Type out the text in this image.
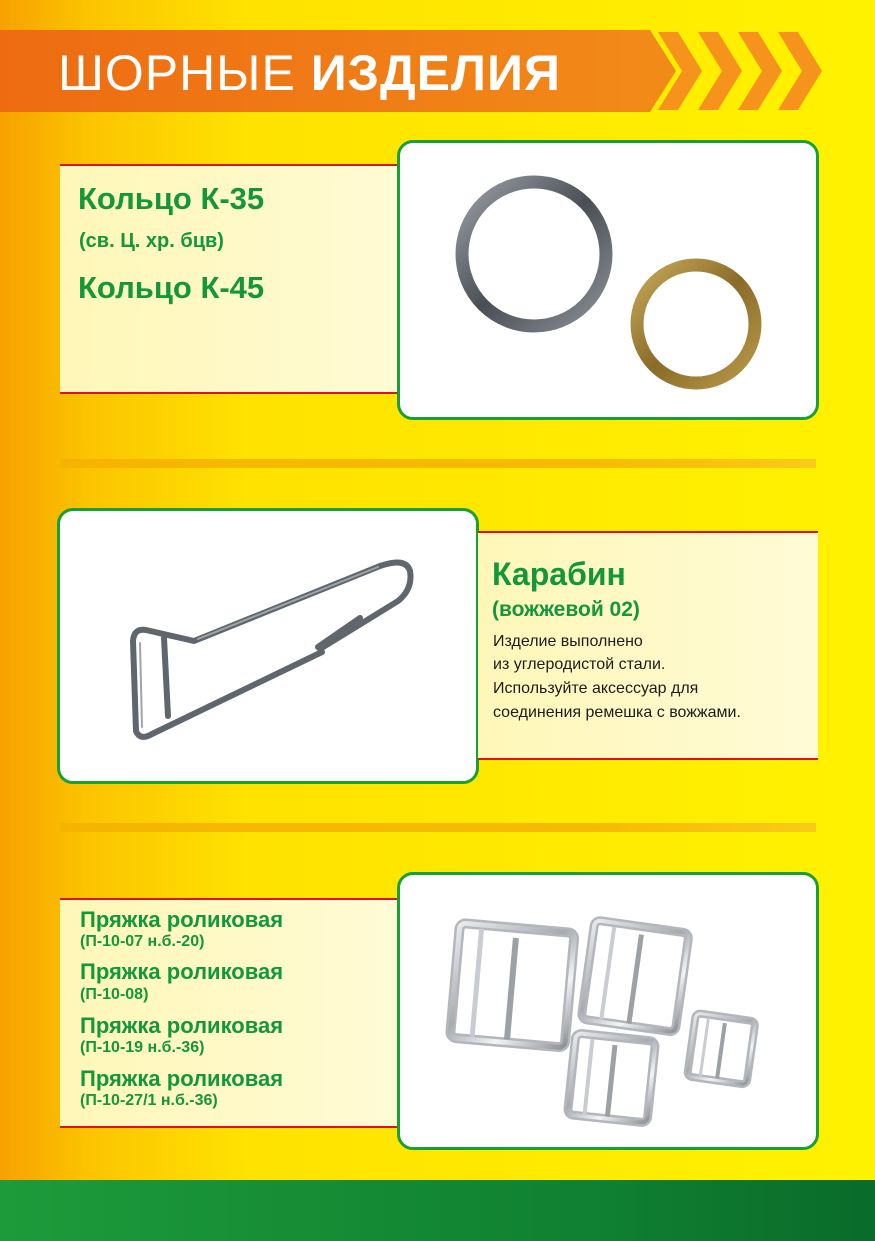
ШОРНЫЕ ИЗДЕЛИЯ
Кольцо К-35
(св. Ц. хр. бцв)
Кольцо К-45
Карабин
(вожжевой 02)
Изделие выполнено
из углеродистой стали.
Используйте аксессуар для
соединения ремешка с вожжами.
Пряжка роликовая
(П-10-07 н.б.-20)
Пряжка роликовая
(П-10-08)
Пряжка роликовая
(П-10-19 н.б.-36)
Пряжка роликовая
(П-10-27/1 н.б.-36)
